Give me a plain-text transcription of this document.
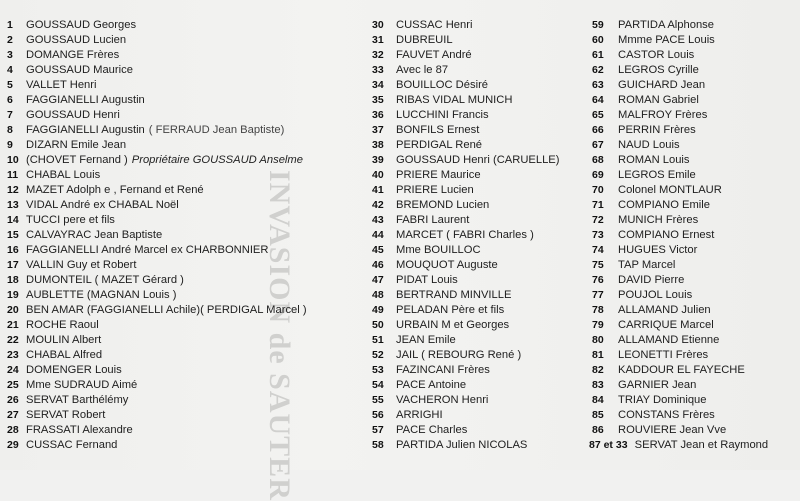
INVASION de SAUTER
1	GOUSSAUD Georges
2	GOUSSAUD Lucien
3	DOMANGE Frères
4	GOUSSAUD Maurice
5	VALLET Henri
6	FAGGIANELLI Augustin
7	GOUSSAUD Henri
8	FAGGIANELLI Augustin ( FERRAUD Jean Baptiste)
9	DIZARN Emile Jean
10 (CHOVET Fernand ) Propriétaire GOUSSAUD Anselme
11 CHABAL Louis
12 MAZET Adolph e , Fernand et René
13 VIDAL André ex CHABAL Noël
14 TUCCI pere et fils
15 CALVAYRAC Jean Baptiste
16 FAGGIANELLI André Marcel ex CHARBONNIER
17 VALLIN Guy et Robert
18 DUMONTEIL ( MAZET Gérard )
19 AUBLETTE (MAGNAN Louis )
20 BEN AMAR (FAGGIANELLI Achile)( PERDIGAL Marcel )
21 ROCHE Raoul
22 MOULIN Albert
23 CHABAL Alfred
24 DOMENGER Louis
25 Mme SUDRAUD Aimé
26 SERVAT Barthélémy
27 SERVAT Robert
28 FRASSATI Alexandre
29 CUSSAC Fernand
30	CUSSAC Henri
31	DUBREUIL
32	FAUVET André
33	Avec le 87
34	BOUILLOC Désiré
35	RIBAS VIDAL MUNICH
36	LUCCHINI Francis
37	BONFILS Ernest
38	PERDIGAL René
39	GOUSSAUD Henri (CARUELLE)
40	PRIERE Maurice
41	PRIERE Lucien
42	BREMOND Lucien
43	FABRI Laurent
44	MARCET ( FABRI Charles )
45	Mme BOUILLOC
46	MOUQUOT Auguste
47	PIDAT Louis
48	BERTRAND MINVILLE
49	PELADAN Père et fils
50	URBAIN M et Georges
51	JEAN Emile
52	JAIL ( REBOURG René )
53	FAZINCANI Frères
54	PACE Antoine
55	VACHERON Henri
56	ARRIGHI
57	PACE Charles
58	PARTIDA Julien NICOLAS
59	PARTIDA Alphonse
60	Mmme PACE Louis
61	CASTOR Louis
62	LEGROS Cyrille
63	GUICHARD Jean
64	ROMAN Gabriel
65	MALFROY Frères
66	PERRIN Frères
67	NAUD Louis
68	ROMAN Louis
69	LEGROS Emile
70	Colonel MONTLAUR
71	COMPIANO Emile
72	MUNICH Frères
73	COMPIANO Ernest
74	HUGUES Victor
75	TAP Marcel
76	DAVID Pierre
77	POUJOL Louis
78	ALLAMAND Julien
79	CARRIQUE Marcel
80	ALLAMAND Etienne
81	LEONETTI Frères
82	KADDOUR EL FAYECHE
83	GARNIER Jean
84	TRIAY Dominique
85	CONSTANS Frères
86	ROUVIERE Jean Vve
87 et 33 SERVAT Jean et Raymond
